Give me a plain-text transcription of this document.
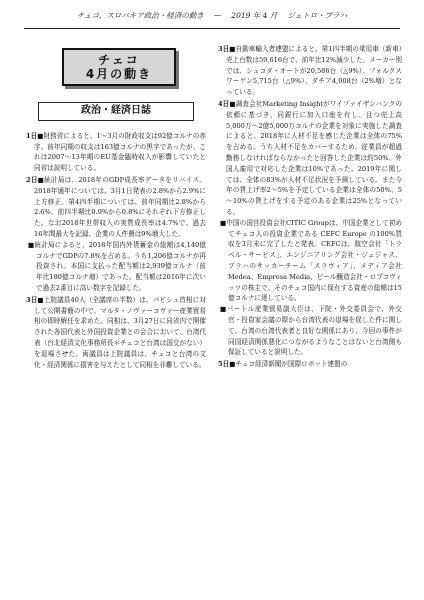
チェコ、スロバキア政治・経済の動き — 2019 年 4 月 ジェトロ・プラハ
チェコ
4月の動き
政治・経済日誌
1日■財務省によると、1～3月の財政収支は92億コルナの赤字。前年同期の収支は163億コルナの黒字であったが、これは2007～13年期のEU基金臨時収入が影響していたと同省は説明している。
2日■統計局は、2018年のGDP成長率データをリバイス。2018年通年については、3月1日発表の2.8%から2.9%に上方修正、第4四半期については、前年同期比2.8%から2.6%、前四半期比0.9%から0.8%にそれぞれ下方修正した。なお2018年世帯収入の実質成長率は4.7%で、過去16年間最大を記録、企業の人件費は9%増大した。
■統計局によると、2018年国内外貨蓄金の総額は4,140億コルナでGDPの7.8%を占める。うち1,206億コルナが再投資され、本国に支払った配当額は2,939億コルナ（前年比180億コルナ増）であった。配当額は2016年に次いで過去2番目に高い数字を記録した。
3日■上院議員40人（全議席の半数）は、パビシュ首相に対して公開書簡の中で、マルタ・ノヴァーコヴァー産業貿易相の即時解任を求めた。同相は、3月27日に同省内で開催された各国代表と外国投資企業との会合において、台湾代表（台北経済文化事務所長＊チェコと台湾は国交がない）を退場させた。両議員は上院議員は、チェコと台湾の文化・経済関係に損害を与えたとして同相を非難している。
3日■自動車輸入者連盟によると、第1四半期の乗用車（新車）売上台数は59,616台で、前年比12%減少した。メーカー別では、シュコダ・オートが20,586台（△9%）、フォルクスワーゲン5,715台（△9%）、ダチア4,008台（2%増）となっている。
4日■調査会社Marketing Insightがワイファイザンバンクの依頼に基づき、同銀行に加入口座を有し、且つ売上高5,000万～2億5,000万コルナの企業を対象に実施した調査によると、2018年に人材不足を感じた企業は全体の75%を占める。うち人材不足をカバーするため、従業員が超過勤務しなければならなかったと回答した企業は約50%、外国人雇用で対応した企業は10%であった。2019年に関しては、全体の83%が人材不足状況を予測している。また今年の賃上げ率2～5%を予定している企業は全体の50%、5～10%の賃上げをする予定のある企業は25%となっている。
■中国の国営投資会社CITIC Groupは、中国企業として初めてチェコ人の投資企業である CEFC Europe の100%買収を3月末に完了したと発表。CEFCは、航空会社「トラベル・サービス」、エンジニアリング会社・ジェジャス、プラハのサッカーチーム「スラヴィア」、メディア会社Medea、Empresa Media、ビール醸造会社・ロプコヴィッツの株主で、そのチェコ国内に保有する資産の総額は15億コルナに達している。
■パートル産業貿易副大臣は、下院・外交委員会で、外交官・投資家会議の際から台湾代表の退場を促した件に関して、台湾の台湾代表者と良好な関係にあり、今回の事件が同国経済関係悪化につながるようなことはないと台湾側も保証していると説明した。
5日■チェコ経済新聞が国際ロボット連盟の
